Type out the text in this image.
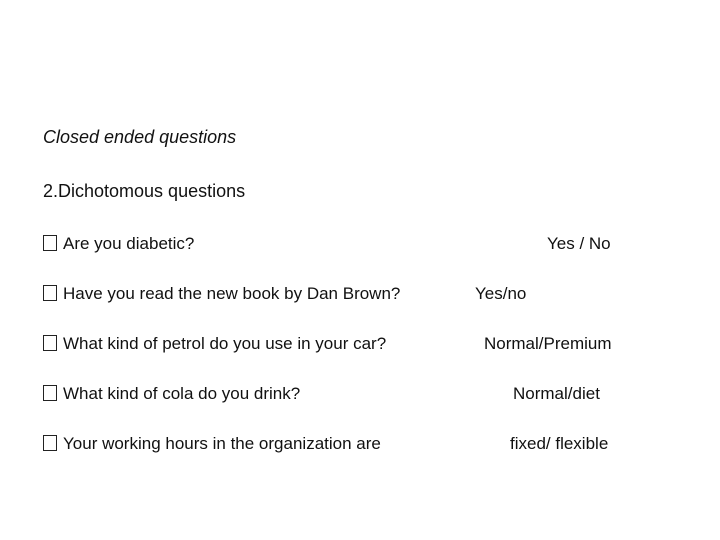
Closed ended questions
2.Dichotomous questions
Are you diabetic?	Yes / No
Have you read the new book by Dan Brown?	Yes/no
What kind of petrol do you use in your car?	Normal/Premium
What kind of cola do you drink?	Normal/diet
Your working hours in the organization are	fixed/ flexible
